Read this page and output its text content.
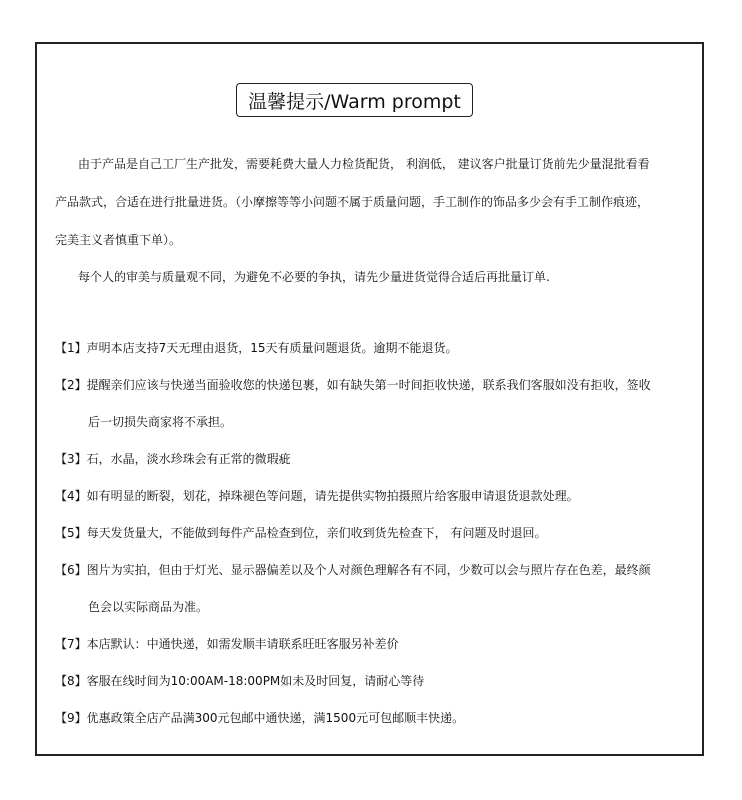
温馨提示/Warm prompt
由于产品是自己工厂生产批发，需要耗费大量人力检货配货， 利润低， 建议客户批量订货前先少量混批看看
产品款式，合适在进行批量进货。（小摩擦等等小问题不属于质量问题，手工制作的饰品多少会有手工制作痕迹，
完美主义者慎重下单）。
每个人的审美与质量观不同，为避免不必要的争执，请先少量进货觉得合适后再批量订单.
【1】声明本店支持7天无理由退货，15天有质量问题退货。逾期不能退货。
【2】提醒亲们应该与快递当面验收您的快递包裹，如有缺失第一时间拒收快递，联系我们客服如没有拒收，签收
后一切损失商家将不承担。
【3】石，水晶，淡水珍珠会有正常的微瑕疵
【4】如有明显的断裂，划花，掉珠褪色等问题，请先提供实物拍摄照片给客服申请退货退款处理。
【5】每天发货量大，不能做到每件产品检查到位，亲们收到货先检查下， 有问题及时退回。
【6】图片为实拍，但由于灯光、显示器偏差以及个人对颜色理解各有不同，少数可以会与照片存在色差，最终颜
色会以实际商品为准。
【7】本店默认：中通快递，如需发顺丰请联系旺旺客服另补差价
【8】客服在线时间为10:00AM-18:00PM如未及时回复，请耐心等待
【9】优惠政策全店产品满300元包邮中通快递，满1500元可包邮顺丰快递。
